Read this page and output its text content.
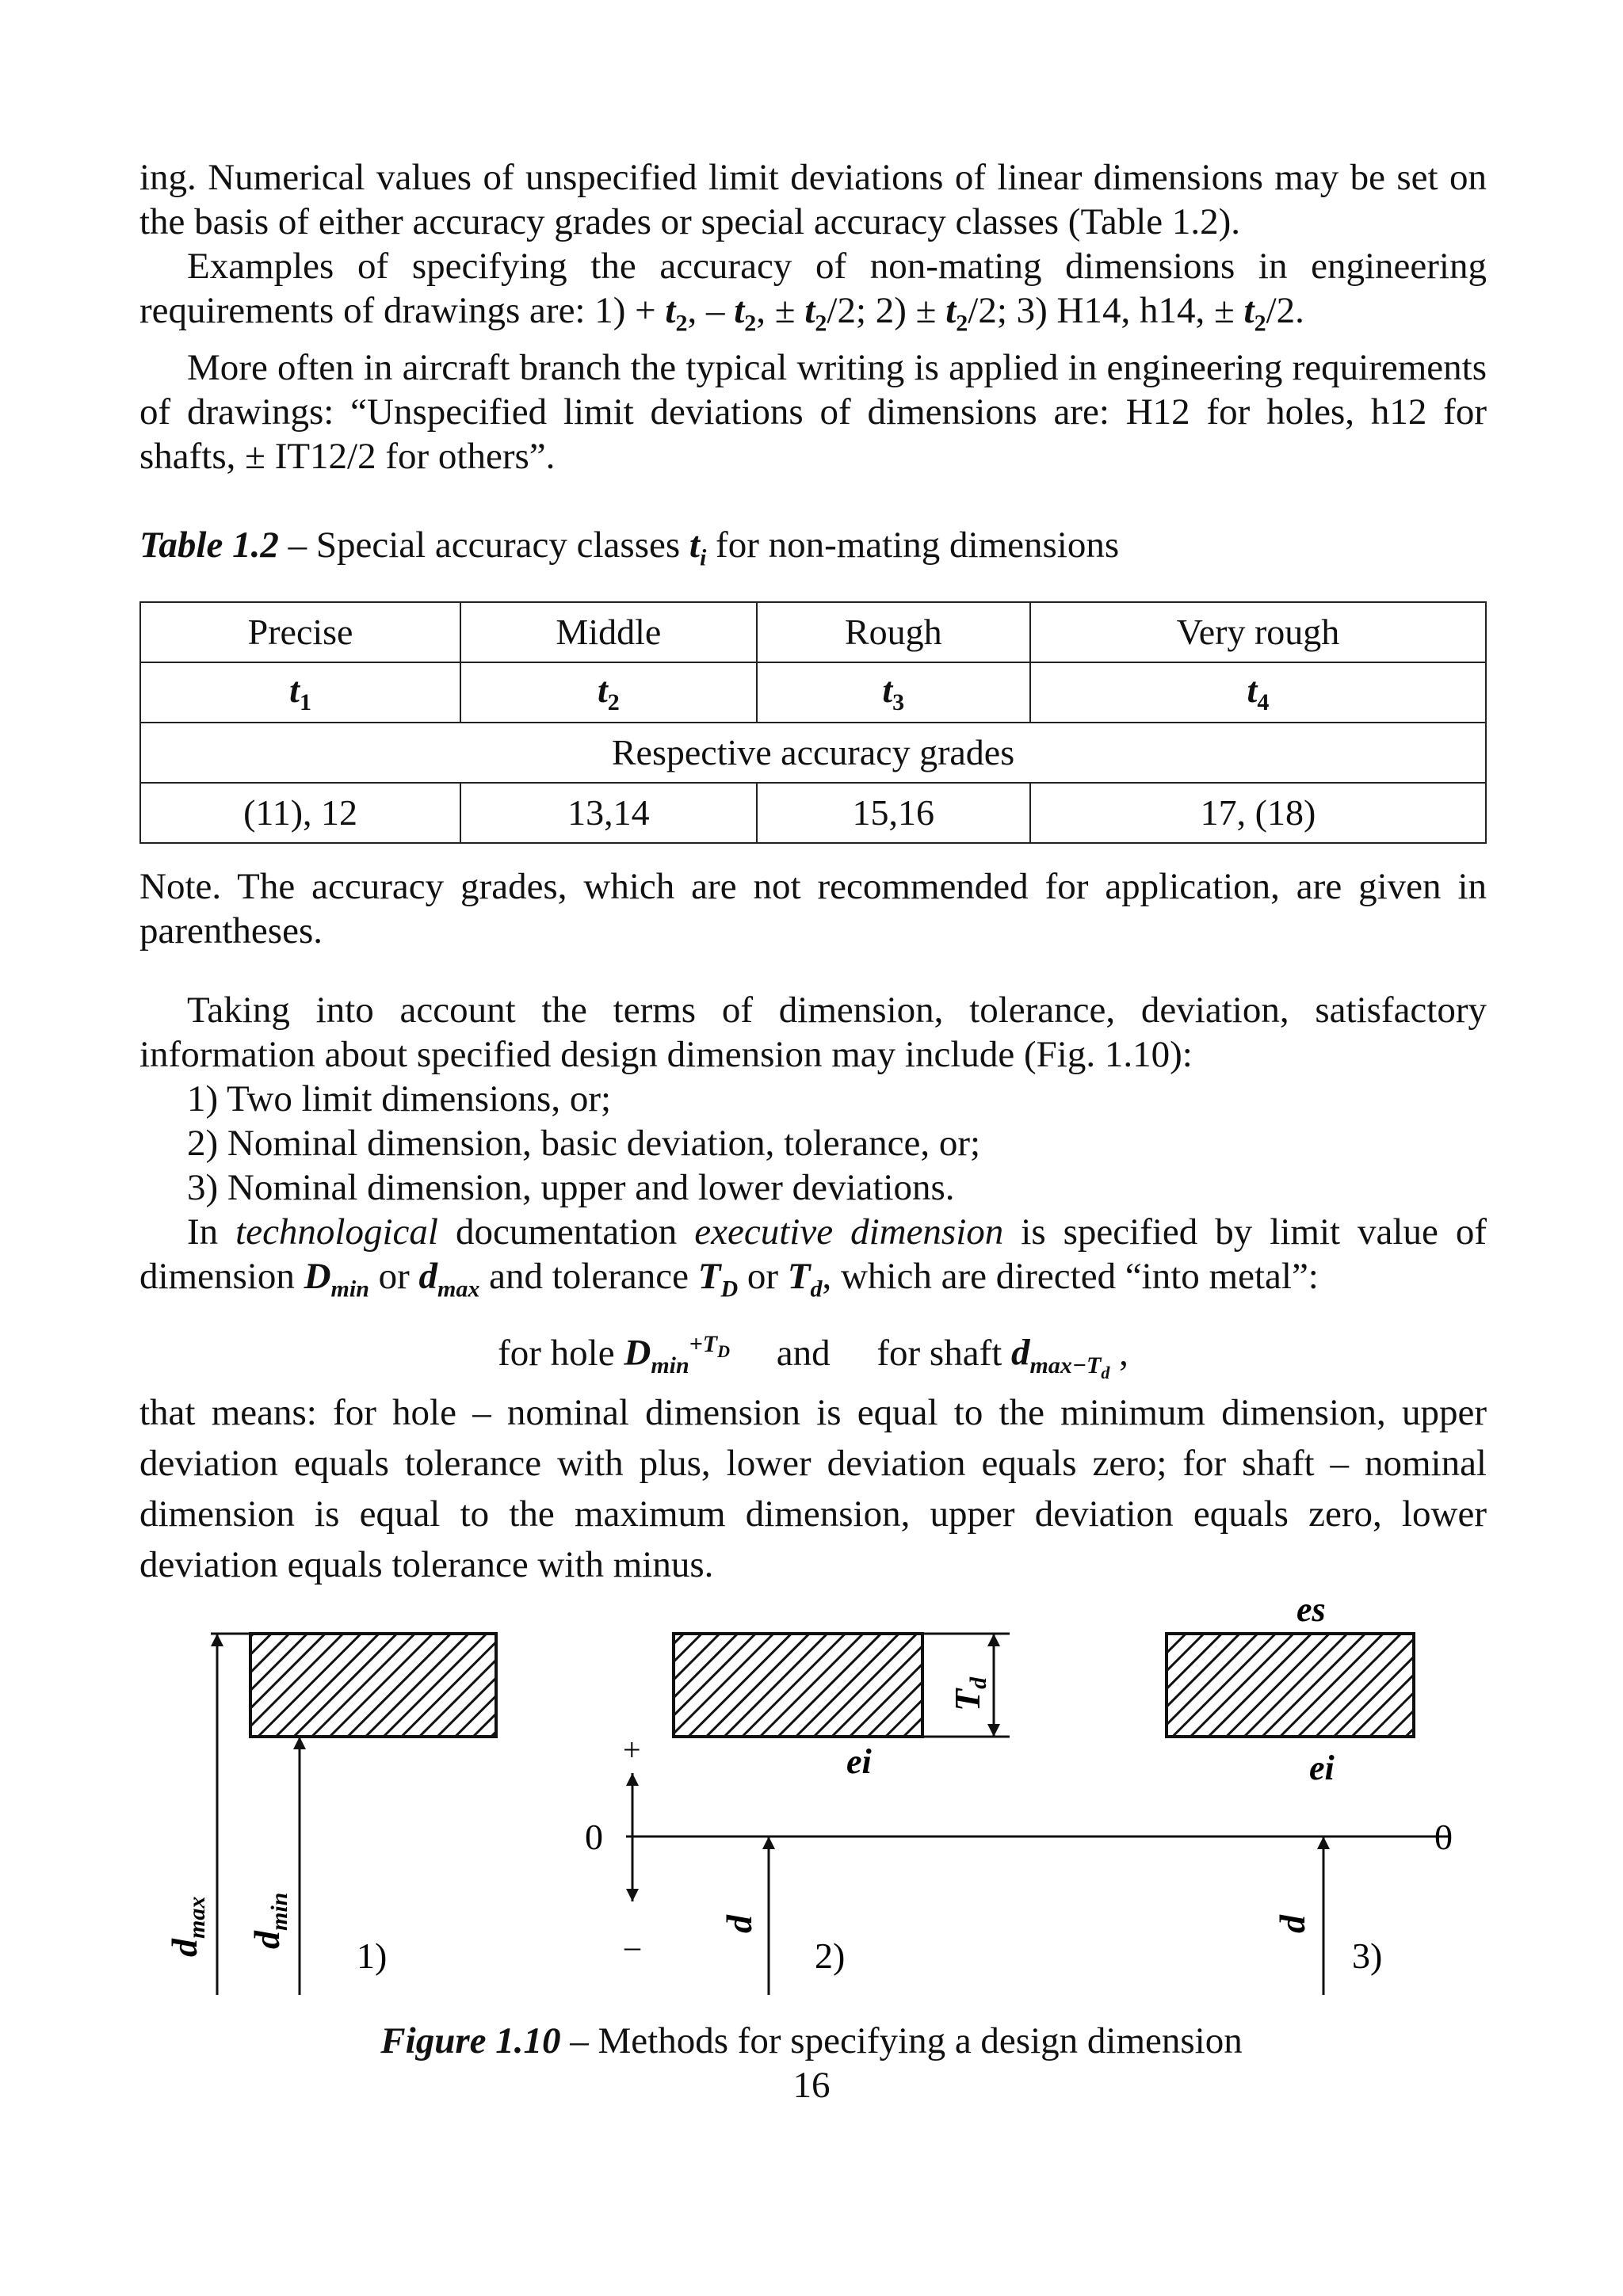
ing. Numerical values of unspecified limit deviations of linear dimensions may be set on the basis of either accuracy grades or special accuracy classes (Table 1.2).

Examples of specifying the accuracy of non-mating dimensions in engineering requirements of drawings are: $1) + t_2$, – $t_2$, ± $t_2/2$; $2) \pm t_2/2$; 3) H14, h14, ± $t_2/2$.

More often in aircraft branch the typical writing is applied in engineering requirements of drawings: “Unspecified limit deviations of dimensions are: H12 for holes, h12 for shafts, ± IT12/2 for others”.

Table 1.2 – Special accuracy classes $t_i$ for non-mating dimensions
Precise	Middle	Rough	Very rough
$t_1$	$t_2$	$t_3$	$t_4$
Respective accuracy grades			
(11), 12	13,14	15,16	17, (18)

Note. The accuracy grades, which are not recommended for application, are given in parentheses.

Taking into account the terms of dimension, tolerance, deviation, satisfactory information about specified design dimension may include (Fig. 1.10):

1) Two limit dimensions, or;

2) Nominal dimension, basic deviation, tolerance, or;

3) Nominal dimension, upper and lower deviations.

In technological documentation executive dimension is specified by limit value of dimension $D_{min}$ or $d_{max}$ and tolerance $T_D$ or $T_d$, which are directed “into metal”:

for hole $D_{min}^{+T_D}$ and for shaft $d_{max-T_d}$ ,

that means: for hole – nominal dimension is equal to the minimum dimension, upper deviation equals tolerance with plus, lower deviation equals zero; for shaft – nominal dimension is equal to the maximum dimension, upper deviation equals zero, lower deviation equals tolerance with minus.

$d_{max}$
$d_{min}$
1)
0	0
+
–
Td
ei
d
2)
es
ei
d
3)
Figure 1.10 – Methods for specifying a design dimension
16
